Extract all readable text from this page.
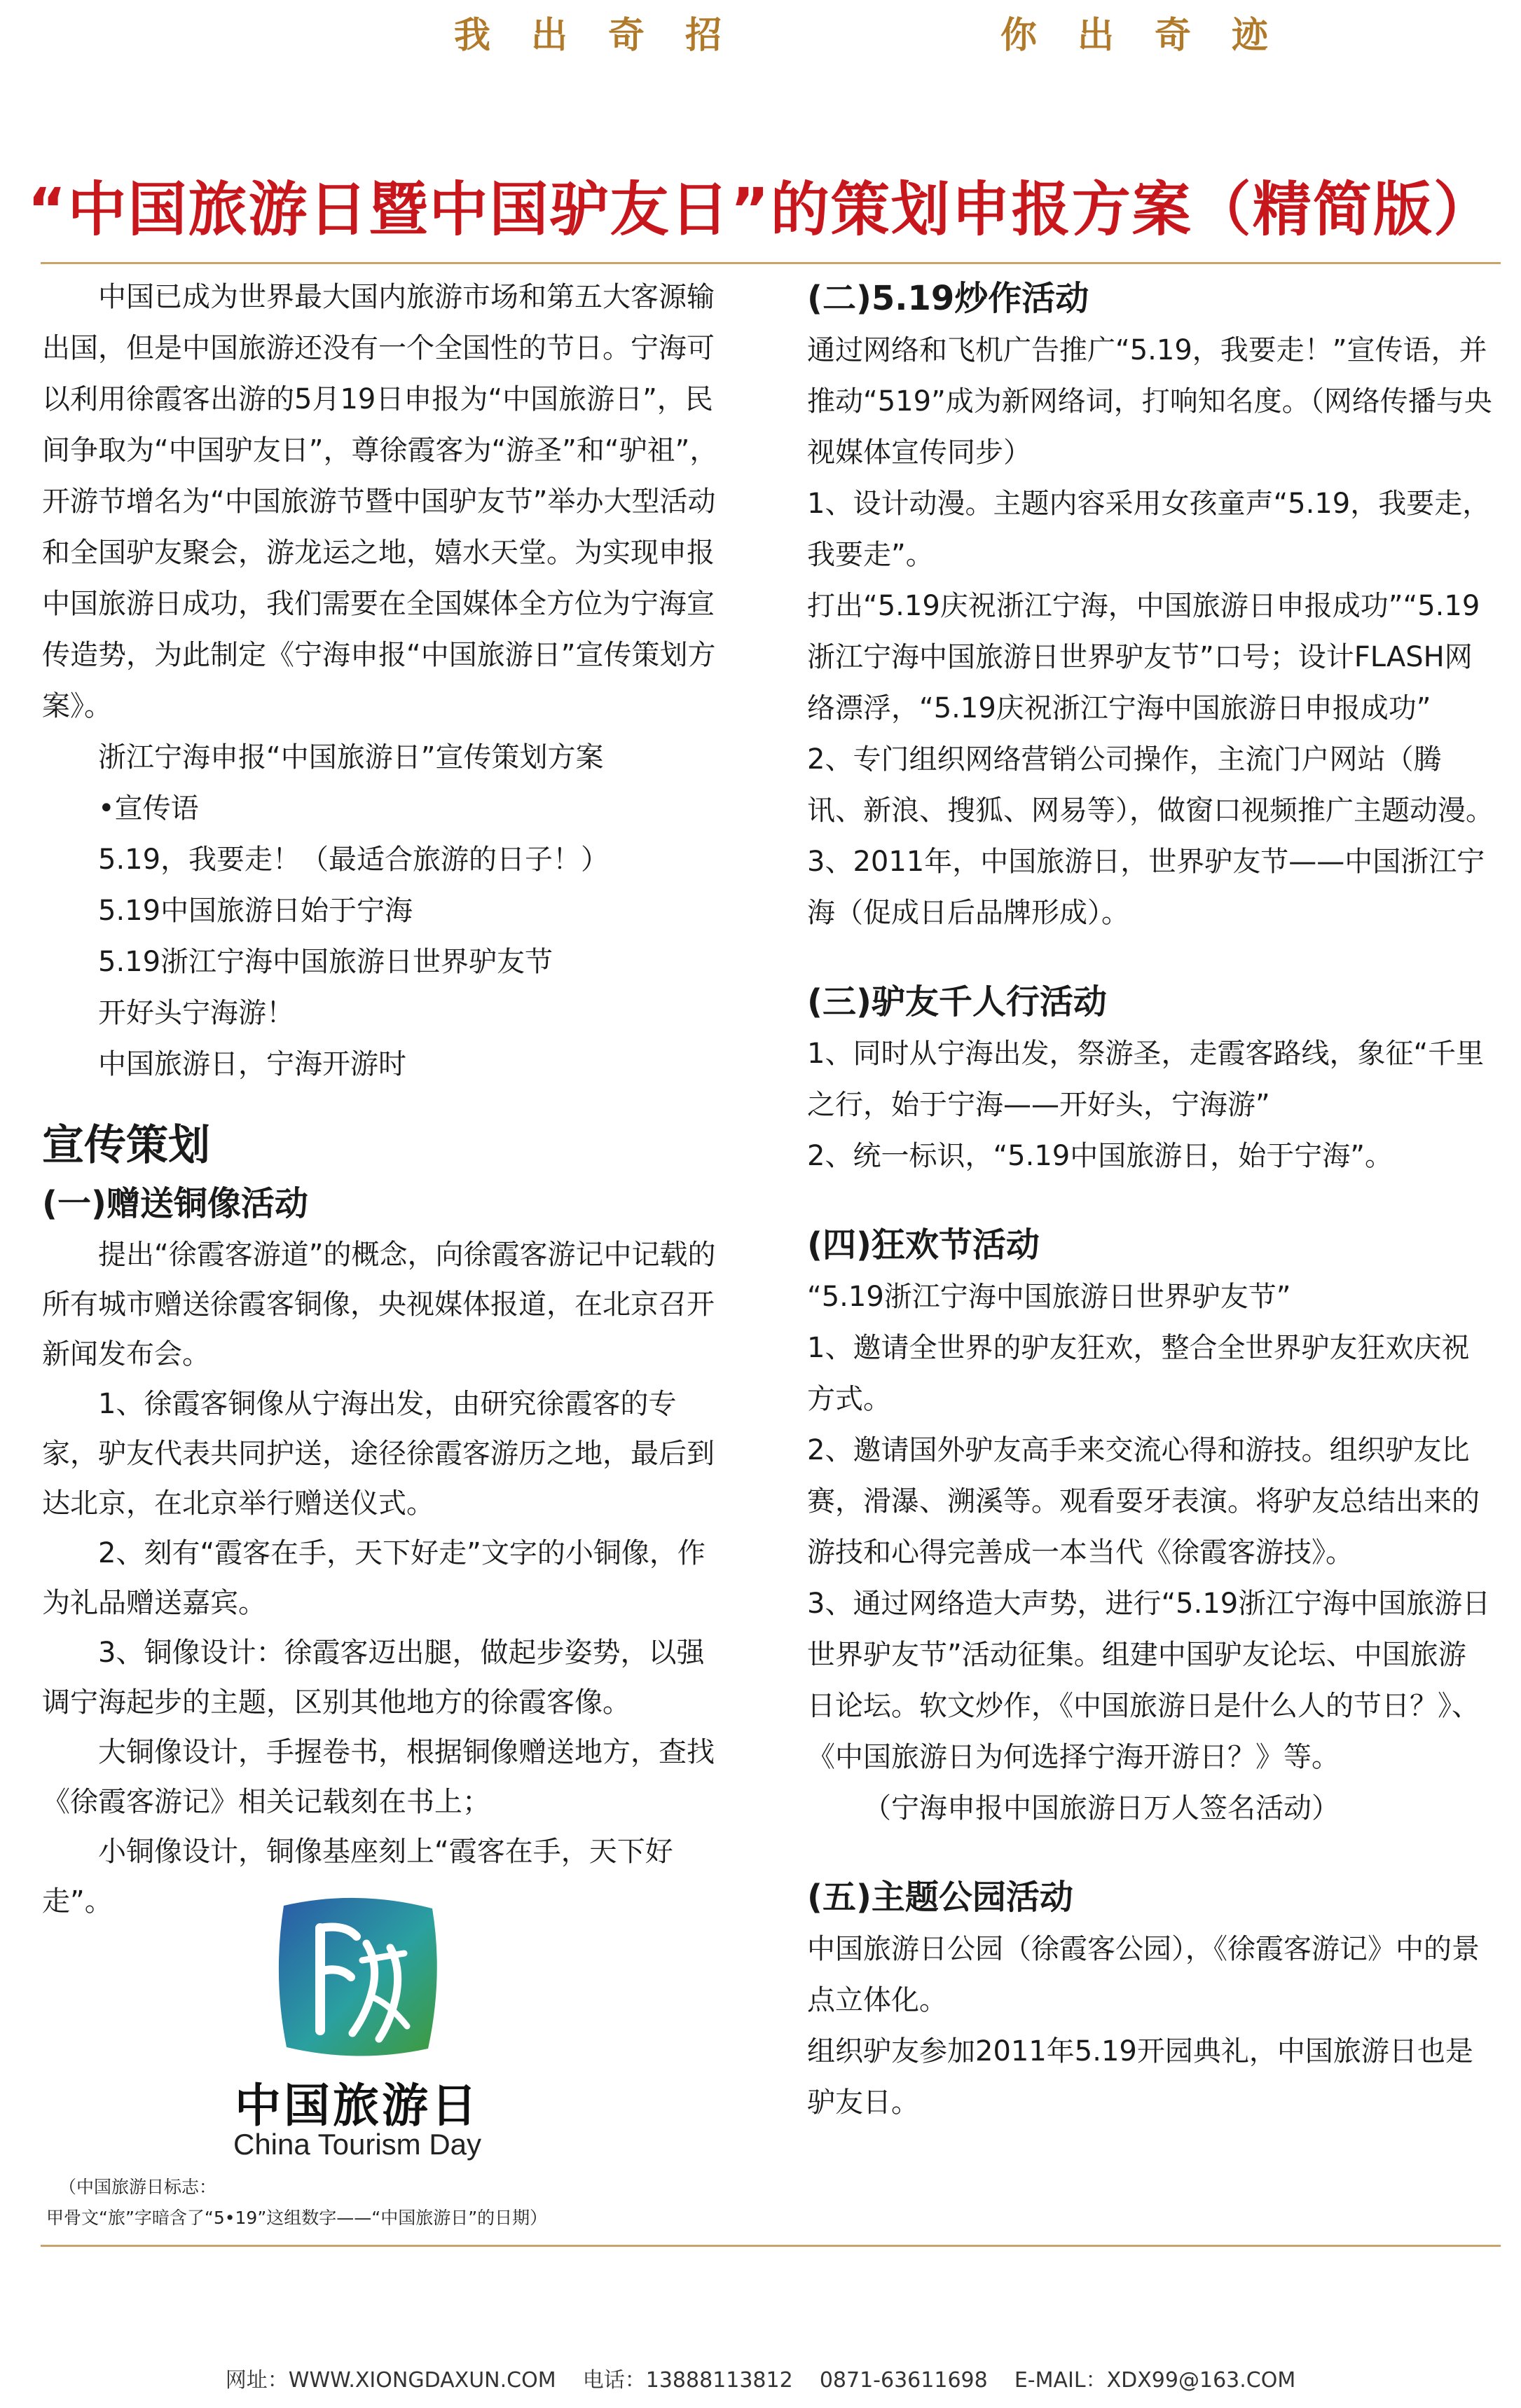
我出奇招	你出奇迹
“中国旅游日暨中国驴友日”的策划申报方案（精简版）

中国已成为世界最大国内旅游市场和第五大客源输出国，但是中国旅游还没有一个全国性的节日。宁海可以利用徐霞客出游的5月19日申报为“中国旅游日”，民间争取为“中国驴友日”，尊徐霞客为“游圣”和“驴祖”，开游节增名为“中国旅游节暨中国驴友节”举办大型活动和全国驴友聚会，游龙运之地，嬉水天堂。为实现申报中国旅游日成功，我们需要在全国媒体全方位为宁海宣传造势，为此制定《宁海申报“中国旅游日”宣传策划方案》。

浙江宁海申报“中国旅游日”宣传策划方案

•宣传语

5.19，我要走！（最适合旅游的日子！）

5.19中国旅游日始于宁海

5.19浙江宁海中国旅游日世界驴友节

开好头宁海游！

中国旅游日，宁海开游时

宣传策划

(一)赠送铜像活动

提出“徐霞客游道”的概念，向徐霞客游记中记载的所有城市赠送徐霞客铜像，央视媒体报道，在北京召开新闻发布会。

1、徐霞客铜像从宁海出发，由研究徐霞客的专家，驴友代表共同护送，途径徐霞客游历之地，最后到达北京，在北京举行赠送仪式。

2、刻有“霞客在手，天下好走”文字的小铜像，作为礼品赠送嘉宾。

3、铜像设计：徐霞客迈出腿，做起步姿势，以强调宁海起步的主题，区别其他地方的徐霞客像。

大铜像设计，手握卷书，根据铜像赠送地方，查找《徐霞客游记》相关记载刻在书上；

小铜像设计，铜像基座刻上“霞客在手，天下好走”。

中国旅游日
China Tourism Day

（中国旅游日标志：

甲骨文“旅”字暗含了“5•19”这组数字——“中国旅游日”的日期）

(二)5.19炒作活动

通过网络和飞机广告推广“5.19，我要走！”宣传语，并推动“519”成为新网络词，打响知名度。（网络传播与央视媒体宣传同步）

1、设计动漫。主题内容采用女孩童声“5.19，我要走，我要走”。

打出“5.19庆祝浙江宁海，中国旅游日申报成功”“5.19浙江宁海中国旅游日世界驴友节”口号；设计FLASH网络漂浮，“5.19庆祝浙江宁海中国旅游日申报成功”

2、专门组织网络营销公司操作，主流门户网站（腾讯、新浪、搜狐、网易等），做窗口视频推广主题动漫。

3、2011年，中国旅游日，世界驴友节——中国浙江宁海（促成日后品牌形成）。

(三)驴友千人行活动

1、同时从宁海出发，祭游圣，走霞客路线，象征“千里之行，始于宁海——开好头，宁海游”

2、统一标识，“5.19中国旅游日，始于宁海”。

(四)狂欢节活动

“5.19浙江宁海中国旅游日世界驴友节”

1、邀请全世界的驴友狂欢，整合全世界驴友狂欢庆祝方式。

2、邀请国外驴友高手来交流心得和游技。组织驴友比赛，滑瀑、溯溪等。观看耍牙表演。将驴友总结出来的游技和心得完善成一本当代《徐霞客游技》。

3、通过网络造大声势，进行“5.19浙江宁海中国旅游日世界驴友节”活动征集。组建中国驴友论坛、中国旅游日论坛。软文炒作，《中国旅游日是什么人的节日？》、《中国旅游日为何选择宁海开游日？》等。

（宁海申报中国旅游日万人签名活动）

(五)主题公园活动

中国旅游日公园（徐霞客公园），《徐霞客游记》中的景点立体化。

组织驴友参加2011年5.19开园典礼，中国旅游日也是驴友日。

网址：WWW.XIONGDAXUN.COM    电话：13888113812    0871-63611698    E-MAIL：XDX99@163.COM
